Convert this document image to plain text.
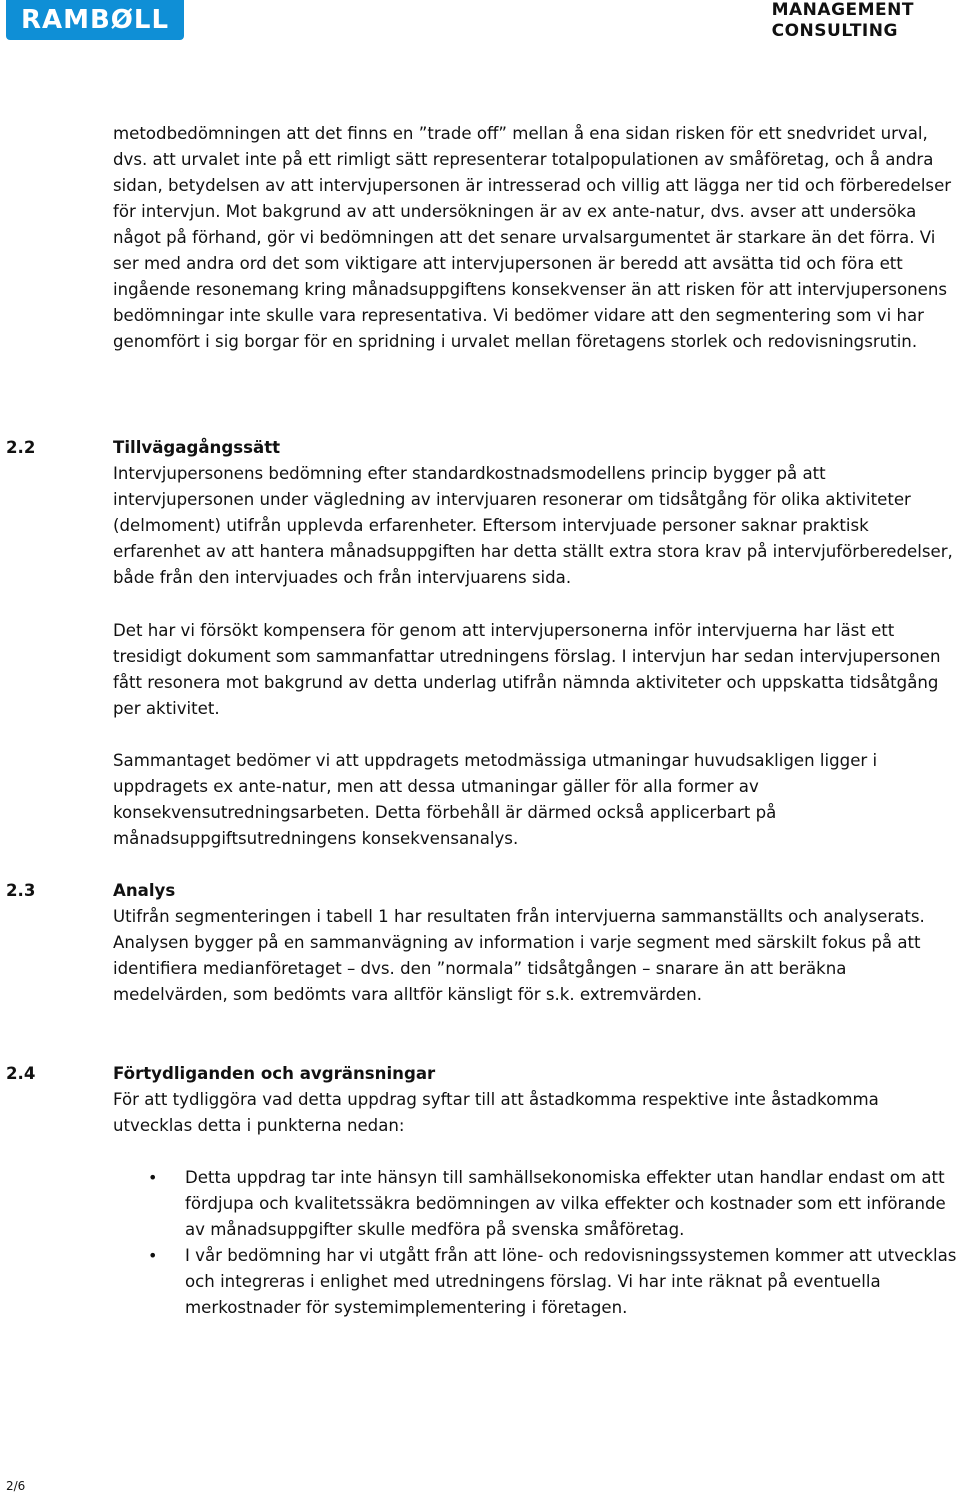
RAMBØLL	MANAGEMENT
CONSULTING

metodbedömningen att det finns en ”trade off” mellan å ena sidan risken för ett snedvridet urval, dvs. att urvalet inte på ett rimligt sätt representerar totalpopulationen av småföretag, och å andra sidan, betydelsen av att intervjupersonen är intresserad och villig att lägga ner tid och förberedelser för intervjun. Mot bakgrund av att undersökningen är av ex ante-natur, dvs. avser att undersöka något på förhand, gör vi bedömningen att det senare urvalsargumentet är starkare än det förra. Vi ser med andra ord det som viktigare att intervjupersonen är beredd att avsätta tid och föra ett ingående resonemang kring månadsuppgiftens konsekvenser än att risken för att intervjupersonens bedömningar inte skulle vara representativa. Vi bedömer vidare att den segmentering som vi har genomfört i sig borgar för en spridning i urvalet mellan företagens storlek och redovisningsrutin.

2.2	Tillvägagångssätt

Intervjupersonens bedömning efter standardkostnadsmodellens princip bygger på att intervjupersonen under vägledning av intervjuaren resonerar om tidsåtgång för olika aktiviteter (delmoment) utifrån upplevda erfarenheter. Eftersom intervjuade personer saknar praktisk erfarenhet av att hantera månadsuppgiften har detta ställt extra stora krav på intervjuförberedelser, både från den intervjuades och från intervjuarens sida.

Det har vi försökt kompensera för genom att intervjupersonerna inför intervjuerna har läst ett tresidigt dokument som sammanfattar utredningens förslag. I intervjun har sedan intervjupersonen fått resonera mot bakgrund av detta underlag utifrån nämnda aktiviteter och uppskatta tidsåtgång per aktivitet.

Sammantaget bedömer vi att uppdragets metodmässiga utmaningar huvudsakligen ligger i uppdragets ex ante-natur, men att dessa utmaningar gäller för alla former av konsekvensutredningsarbeten. Detta förbehåll är därmed också applicerbart på månadsuppgiftsutredningens konsekvensanalys.

2.3	Analys

Utifrån segmenteringen i tabell 1 har resultaten från intervjuerna sammanställts och analyserats. Analysen bygger på en sammanvägning av information i varje segment med särskilt fokus på att identifiera medianföretaget – dvs. den ”normala” tidsåtgången – snarare än att beräkna medelvärden, som bedömts vara alltför känsligt för s.k. extremvärden.

2.4	Förtydliganden och avgränsningar

För att tydliggöra vad detta uppdrag syftar till att åstadkomma respektive inte åstadkomma utvecklas detta i punkterna nedan:

• Detta uppdrag tar inte hänsyn till samhällsekonomiska effekter utan handlar endast om att fördjupa och kvalitetssäkra bedömningen av vilka effekter och kostnader som ett införande av månadsuppgifter skulle medföra på svenska småföretag.

• I vår bedömning har vi utgått från att löne- och redovisningssystemen kommer att utvecklas och integreras i enlighet med utredningens förslag. Vi har inte räknat på eventuella merkostnader för systemimplementering i företagen.

2/6
